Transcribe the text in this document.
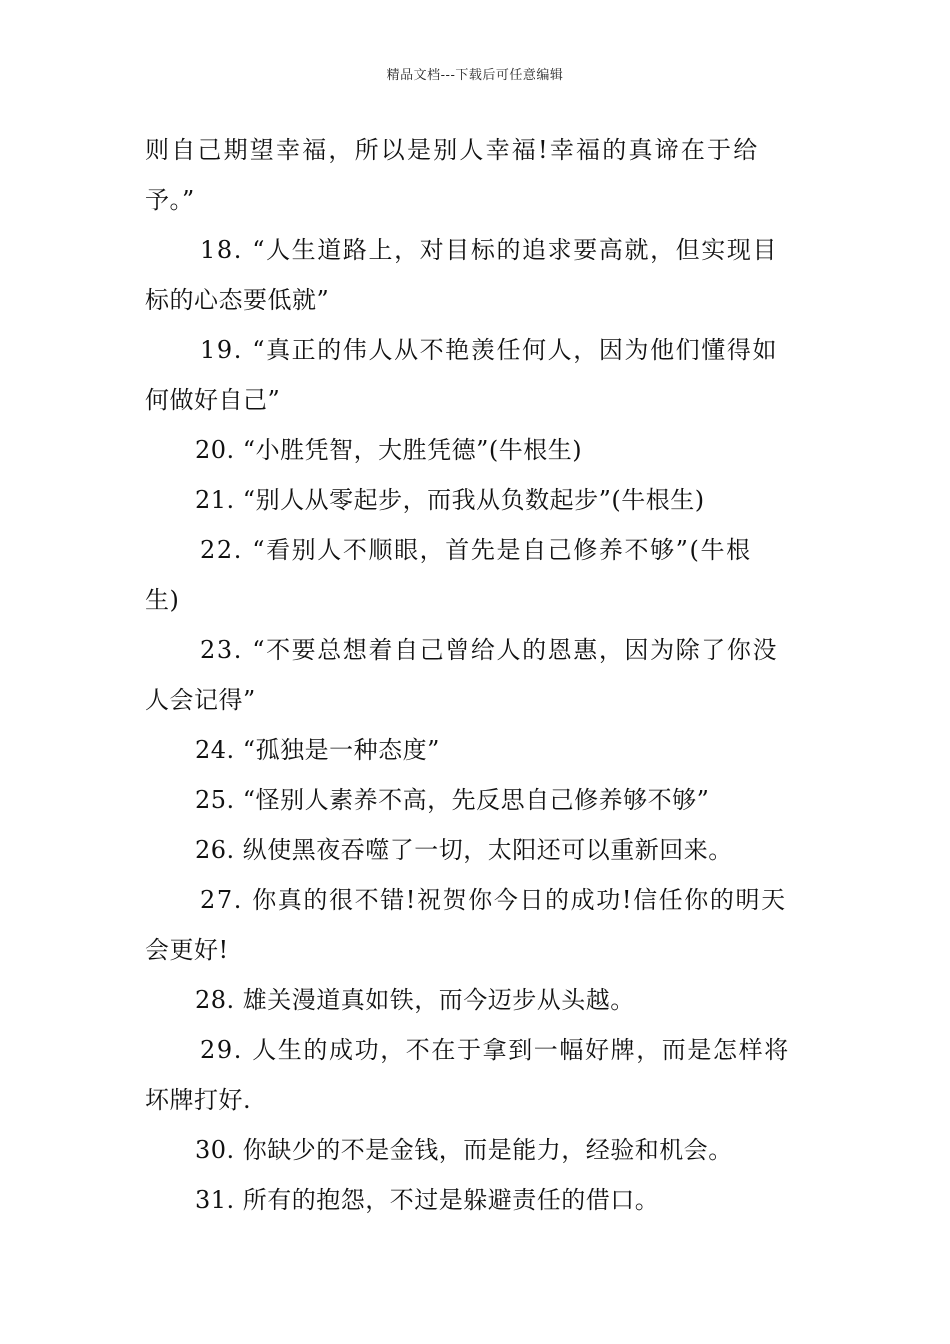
精品文档---下载后可任意编辑
则自己期望幸福，所以是别人幸福!幸福的真谛在于给
予。”
18. “人生道路上，对目标的追求要高就，但实现目
标的心态要低就”
19. “真正的伟人从不艳羡任何人，因为他们懂得如
何做好自己”
20. “小胜凭智，大胜凭德”(牛根生)
21. “别人从零起步，而我从负数起步”(牛根生)
22. “看别人不顺眼，首先是自己修养不够”(牛根
生)
23. “不要总想着自己曾给人的恩惠，因为除了你没
人会记得”
24. “孤独是一种态度”
25. “怪别人素养不高，先反思自己修养够不够”
26. 纵使黑夜吞噬了一切，太阳还可以重新回来。
27. 你真的很不错!祝贺你今日的成功!信任你的明天
会更好!
28. 雄关漫道真如铁，而今迈步从头越。
29. 人生的成功，不在于拿到一幅好牌，而是怎样将
坏牌打好.
30. 你缺少的不是金钱，而是能力，经验和机会。
31. 所有的抱怨，不过是躲避责任的借口。
